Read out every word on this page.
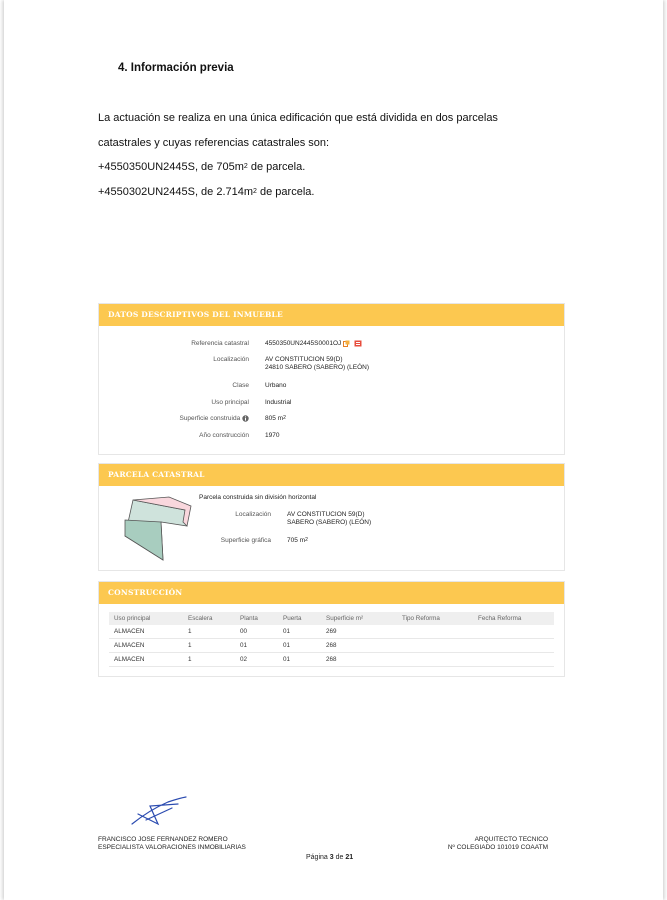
4. Información previa
La actuación se realiza en una única edificación que está dividida en dos parcelas
catastrales y cuyas referencias catastrales son:
+4550350UN2445S, de $705m^2$ de parcela.
+4550302UN2445S, de $2.714m^2$ de parcela.
DATOS DESCRIPTIVOS DEL INMUEBLE
Referencia catastral 4550350UN2445S0001OJ
Localización AV CONSTITUCION 59(D)
24810 SABERO (SABERO) (LEÓN)
Clase Urbano
Uso principal Industrial
Superficie construida	805 $m^2$
Año construcción 1970
PARCELA CATASTRAL
Parcela construida sin división horizontal
Localización AV CONSTITUCION 59(D)
SABERO (SABERO) (LEÓN)
Superficie gráfica 705 $m^2$
CONSTRUCCIÓN
Uso principal	Escalera	Planta	Puerta	Superficie m²	Tipo Reforma	Fecha Reforma
ALMACEN	1	00	01	269		
ALMACEN	1	01	01	268		
ALMACEN	1	02	01	268		
FRANCISCO JOSE FERNANDEZ ROMERO
ESPECIALISTA VALORACIONES INMOBILIARIAS
ARQUITECTO TECNICO
Nº COLEGIADO 101019 COAATM
Página 3 de 21
